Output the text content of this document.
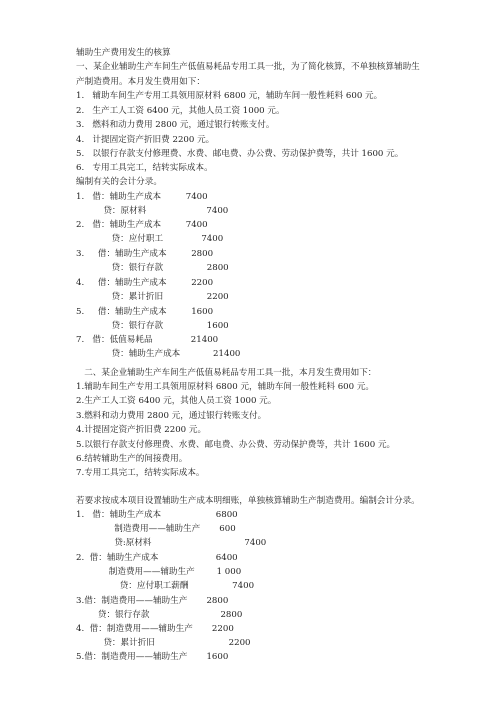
辅助生产费用发生的核算
一、某企业辅助生产车间生产低值易耗品专用工具一批，为了简化核算，不单独核算辅助生
产制造费用。本月发生费用如下：
1.   辅助车间生产专用工具领用原材料 6800 元，辅助车间一般性耗料 600 元。
2.   生产工人工资 6400 元，其他人员工资 1000 元。
3.   燃料和动力费用 2800 元，通过银行转账支付。
4.   计提固定资产折旧费 2200 元。
5.   以银行存款支付修理费、水费、邮电费、办公费、劳动保护费等，共计 1600 元。
6.   专用工具完工，结转实际成本。
编制有关的会计分录。
1.   借：辅助生产成本         7400
贷：原材料                      7400
2.   借：辅助生产成本         7400
贷：应付职工              7400
3.     借：辅助生产成本         2800
贷：银行存款                2800
4.     借：辅助生产成本         2200
贷：累计折旧                2200
5.     借：辅助生产成本         1600
贷：银行存款                1600
7.   借：低值易耗品              21400
贷：辅助生产成本            21400
二、某企业辅助生产车间生产低值易耗品专用工具一批，本月发生费用如下：
1.辅助车间生产专用工具领用原材料 6800 元，辅助车间一般性耗料 600 元。
2.生产工人工资 6400 元，其他人员工资 1000 元。
3.燃料和动力费用 2800 元，通过银行转账支付。
4.计提固定资产折旧费 2200 元。
5.以银行存款支付修理费、水费、邮电费、办公费、劳动保护费等，共计 1600 元。
6.结转辅助生产的间接费用。
7.专用工具完工，结转实际成本。
若要求按成本项目设置辅助生产成本明细账，单独核算辅助生产制造费用。编制会计分录。
1.   借：辅助生产成本                    6800
制造费用——辅助生产       600
贷:原材料                                  7400
2.  借：辅助生产成本                     6400
制造费用——辅助生产        1 000
贷：应付职工薪酬                7400
3.借：制造费用——辅助生产       2800
贷：银行存款                          2800
4.  借：制造费用——辅助生产       2200
贷：累计折旧                           2200
5.借：制造费用——辅助生产       1600
